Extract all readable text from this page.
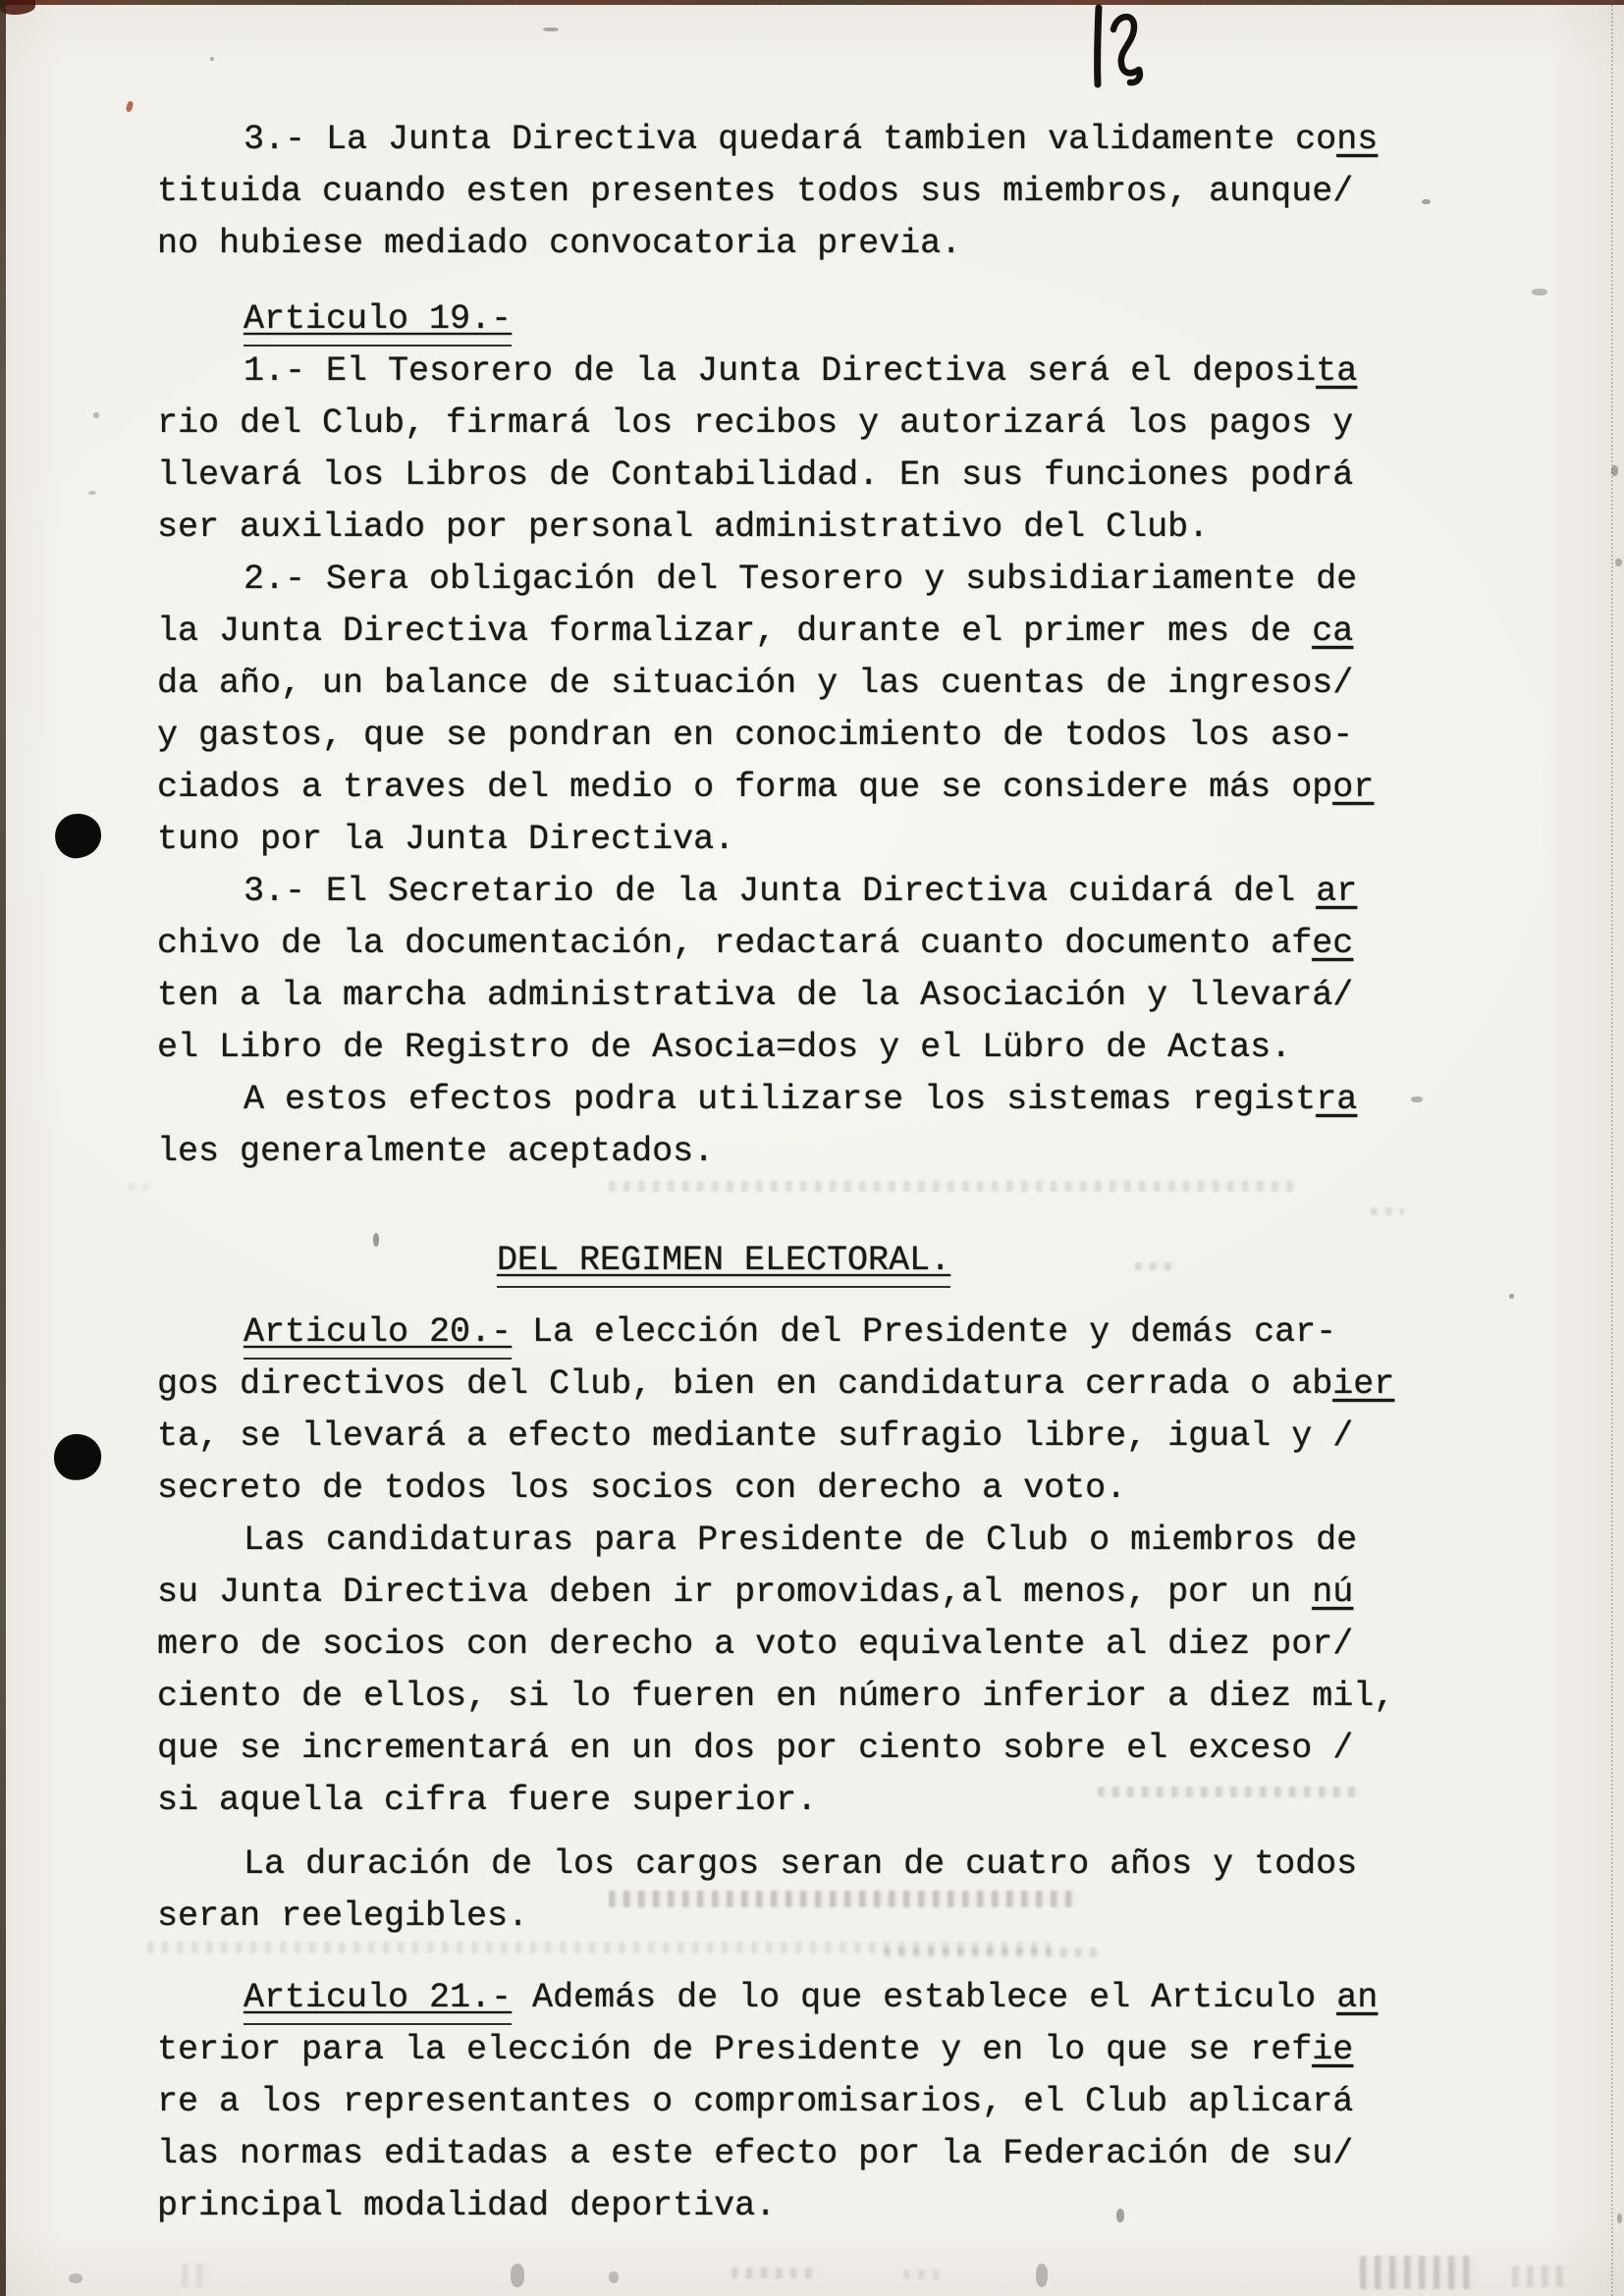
3.- La Junta Directiva quedará tambien validamente cons
tituida cuando esten presentes todos sus miembros, aunque/
no hubiese mediado convocatoria previa.
Articulo 19.-
1.- El Tesorero de la Junta Directiva será el deposita
rio del Club, firmará los recibos y autorizará los pagos y
llevará los Libros de Contabilidad. En sus funciones podrá
ser auxiliado por personal administrativo del Club.
2.- Sera obligación del Tesorero y subsidiariamente de
la Junta Directiva formalizar, durante el primer mes de ca
da año, un balance de situación y las cuentas de ingresos/
y gastos, que se pondran en conocimiento de todos los aso-
ciados a traves del medio o forma que se considere más opor
tuno por la Junta Directiva.
3.- El Secretario de la Junta Directiva cuidará del ar
chivo de la documentación, redactará cuanto documento afec
ten a la marcha administrativa de la Asociación y llevará/
el Libro de Registro de Asocia=dos y el Lübro de Actas.
A estos efectos podra utilizarse los sistemas registra
les generalmente aceptados.
DEL REGIMEN ELECTORAL.
Articulo 20.- La elección del Presidente y demás car-
gos directivos del Club, bien en candidatura cerrada o abier
ta, se llevará a efecto mediante sufragio libre, igual y /
secreto de todos los socios con derecho a voto.
Las candidaturas para Presidente de Club o miembros de
su Junta Directiva deben ir promovidas,al menos, por un nú
mero de socios con derecho a voto equivalente al diez por/
ciento de ellos, si lo fueren en número inferior a diez mil,
que se incrementará en un dos por ciento sobre el exceso /
si aquella cifra fuere superior.
La duración de los cargos seran de cuatro años y todos
seran reelegibles.
Articulo 21.- Además de lo que establece el Articulo an
terior para la elección de Presidente y en lo que se refie
re a los representantes o compromisarios, el Club aplicará
las normas editadas a este efecto por la Federación de su/
principal modalidad deportiva.
